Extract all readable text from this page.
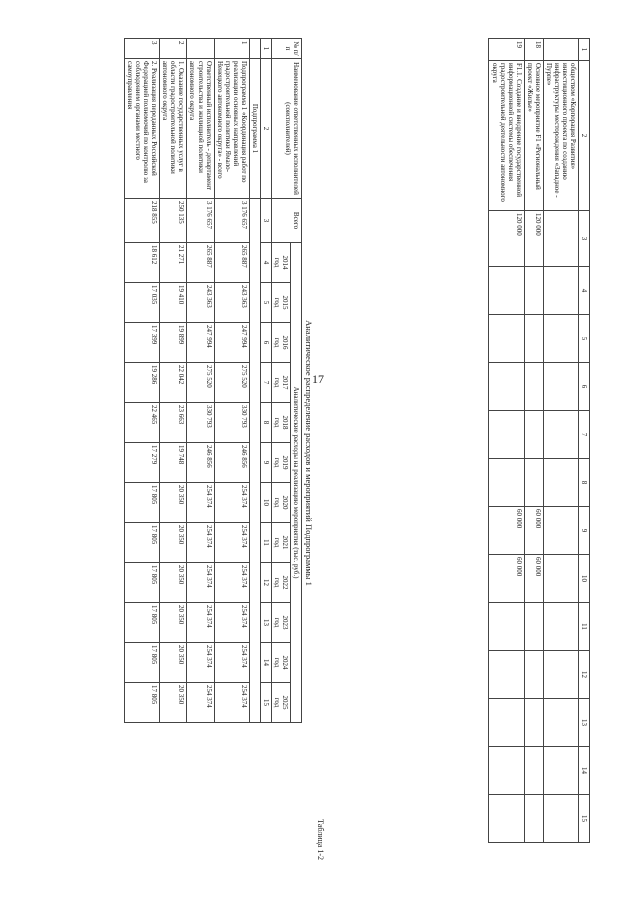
17
1	2	3	4	5	6	7	8	9	10	11	12	13	14	15
	обществом «Корпорация Развития» инвестиционного проекта по созданию инфраструктуры месторождения «Западное - Пурпе»													
18	Основное мероприятие F1 «Региональный проект «Жилье»	120 000						60 000	60 000					
19	F1.1. Создание и внедрение государственной информационной системы обеспечения градостроительной деятельности автономного округа	120 000						60 000	60 000					
Таблица 1-2
Аналитическое распределение расходов и мероприятий Подпрограммы 1
№ п/п	Наименование ответственных исполнителей (соисполнителей)	Всего	Аналитические расходы на реализацию мероприятия (тыс. руб.)											
			2014
год	2015
год	2016
год	2017
год	2018
год	2019
год	2020
год	2021
год	2022
год	2023
год	2024
год	2025
год
1	2	3	4	5	6	7	8	9	10	11	12	13	14	15
	Подпрограмма 1													
1	Подпрограмма 1 «Координация работ по реализации основных направлений градостроительной политики Ямало-Ненецкого автономного округа» - всего	3 176 657	265 887	243 363	247 994	275 520	330 793	246 856	254 374	254 374	254 374	254 374	254 374	254 374
	Ответственный исполнитель - департамент строительства и жилищной политики автономного округа	3 176 657	265 887	243 363	247 994	275 520	330 793	246 856	254 374	254 374	254 374	254 374	254 374	254 374
2	1. Оказание государственных услуг в области градостроительной политики автономного округа	250 135	21 271	19 410	19 899	22 042	23 663	19 748	20 350	20 350	20 350	20 350	20 350	20 350
3	2. Реализация переданных Российской Федерацией полномочий по контролю за соблюдением органами местного самоуправления	218 855	18 612	17 035	17 399	19 286	22 465	17 279	17 805	17 805	17 805	17 805	17 805	17 805
